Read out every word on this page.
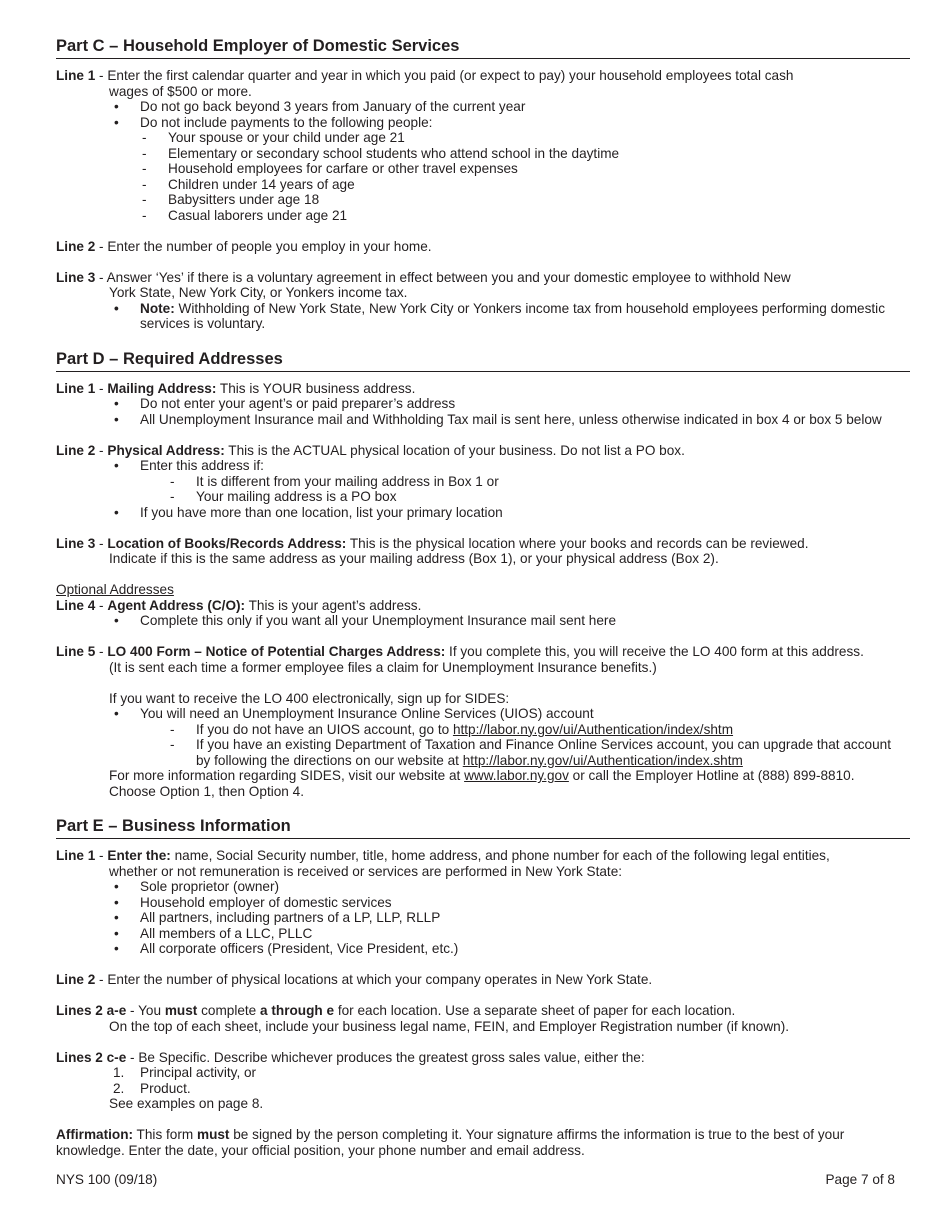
Part C – Household Employer of Domestic Services

Line 1 - Enter the first calendar quarter and year in which you paid (or expect to pay) your household employees total cash

wages of $500 or more.
• Do not go back beyond 3 years from January of the current year
• Do not include payments to the following people:
- Your spouse or your child under age 21
- Elementary or secondary school students who attend school in the daytime
- Household employees for carfare or other travel expenses
- Children under 14 years of age
- Babysitters under age 18
- Casual laborers under age 21

Line 2 - Enter the number of people you employ in your home.

Line 3 - Answer ‘Yes’ if there is a voluntary agreement in effect between you and your domestic employee to withhold New

York State, New York City, or Yonkers income tax.
• Note: Withholding of New York State, New York City or Yonkers income tax from household employees performing domestic
services is voluntary.
Part D – Required Addresses

Line 1 - Mailing Address: This is YOUR business address.

• Do not enter your agent’s or paid preparer’s address
• All Unemployment Insurance mail and Withholding Tax mail is sent here, unless otherwise indicated in box 4 or box 5 below

Line 2 - Physical Address: This is the ACTUAL physical location of your business. Do not list a PO box.

• Enter this address if:
- It is different from your mailing address in Box 1 or
- Your mailing address is a PO box
• If you have more than one location, list your primary location

Line 3 - Location of Books/Records Address: This is the physical location where your books and records can be reviewed.

Indicate if this is the same address as your mailing address (Box 1), or your physical address (Box 2).

Optional Addresses

Line 4 - Agent Address (C/O): This is your agent’s address.

• Complete this only if you want all your Unemployment Insurance mail sent here

Line 5 - LO 400 Form – Notice of Potential Charges Address: If you complete this, you will receive the LO 400 form at this address.

(It is sent each time a former employee files a claim for Unemployment Insurance benefits.)
If you want to receive the LO 400 electronically, sign up for SIDES:
• You will need an Unemployment Insurance Online Services (UIOS) account
- If you do not have an UIOS account, go to http://labor.ny.gov/ui/Authentication/index/shtm
- If you have an existing Department of Taxation and Finance Online Services account, you can upgrade that account
by following the directions on our website at http://labor.ny.gov/ui/Authentication/index.shtm
For more information regarding SIDES, visit our website at www.labor.ny.gov or call the Employer Hotline at (888) 899-8810.
Choose Option 1, then Option 4.
Part E – Business Information

Line 1 - Enter the: name, Social Security number, title, home address, and phone number for each of the following legal entities,

whether or not remuneration is received or services are performed in New York State:
• Sole proprietor (owner)
• Household employer of domestic services
• All partners, including partners of a LP, LLP, RLLP
• All members of a LLC, PLLC
• All corporate officers (President, Vice President, etc.)

Line 2 - Enter the number of physical locations at which your company operates in New York State.

Lines 2 a-e - You must complete a through e for each location. Use a separate sheet of paper for each location.

On the top of each sheet, include your business legal name, FEIN, and Employer Registration number (if known).

Lines 2 c-e - Be Specific. Describe whichever produces the greatest gross sales value, either the:

1. Principal activity, or
2. Product.
See examples on page 8.

Affirmation: This form must be signed by the person completing it. Your signature affirms the information is true to the best of your

knowledge. Enter the date, your official position, your phone number and email address.

NYS 100 (09/18)	Page 7 of 8
